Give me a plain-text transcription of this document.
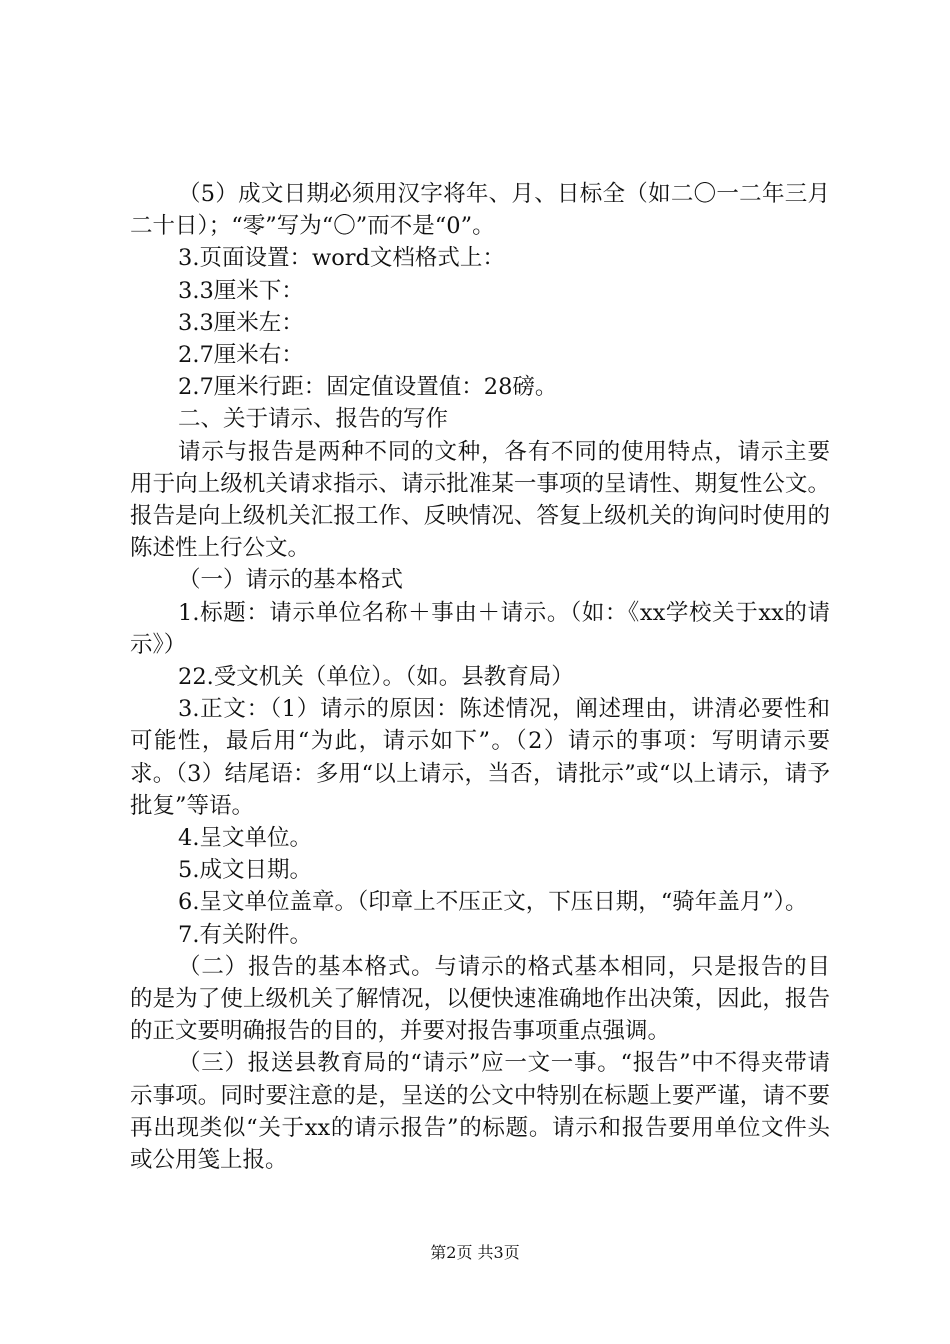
（5）成文日期必须用汉字将年、月、日标全（如二〇一二年三月二十日）；“零”写为“〇”而不是“0”。

3.页面设置：word文档格式上：

3.3厘米下：

3.3厘米左：

2.7厘米右：

2.7厘米行距：固定值设置值：28磅。

二、关于请示、报告的写作

请示与报告是两种不同的文种，各有不同的使用特点，请示主要用于向上级机关请求指示、请示批准某一事项的呈请性、期复性公文。报告是向上级机关汇报工作、反映情况、答复上级机关的询问时使用的陈述性上行公文。

（一）请示的基本格式

1.标题：请示单位名称＋事由＋请示。（如：《xx学校关于xx的请示》）

22.受文机关（单位）。（如。县教育局）

3.正文：（1）请示的原因：陈述情况，阐述理由，讲清必要性和可能性，最后用“为此，请示如下”。（2）请示的事项：写明请示要求。（3）结尾语：多用“以上请示，当否，请批示”或“以上请示，请予批复”等语。

4.呈文单位。

5.成文日期。

6.呈文单位盖章。（印章上不压正文，下压日期，“骑年盖月”）。

7.有关附件。

（二）报告的基本格式。与请示的格式基本相同，只是报告的目的是为了使上级机关了解情况，以便快速准确地作出决策，因此，报告的正文要明确报告的目的，并要对报告事项重点强调。

（三）报送县教育局的“请示”应一文一事。“报告”中不得夹带请示事项。同时要注意的是，呈送的公文中特别在标题上要严谨，请不要再出现类似“关于xx的请示报告”的标题。请示和报告要用单位文件头或公用笺上报。

第2页 共3页
